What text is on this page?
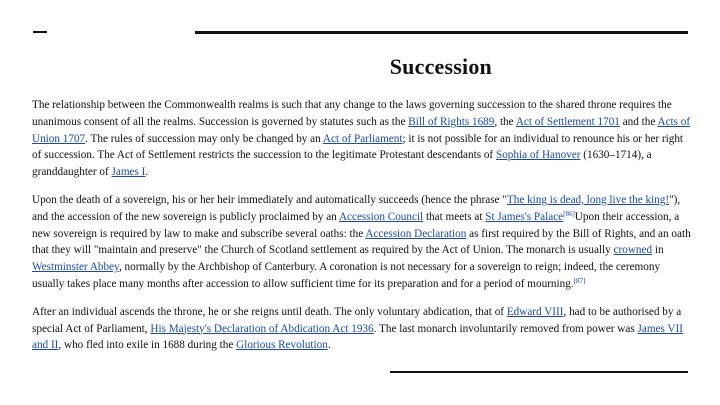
Succession

The relationship between the Commonwealth realms is such that any change to the laws governing succession to the shared throne requires the unanimous consent of all the realms. Succession is governed by statutes such as the Bill of Rights 1689, the Act of Settlement 1701 and the Acts of Union 1707. The rules of succession may only be changed by an Act of Parliament; it is not possible for an individual to renounce his or her right of succession. The Act of Settlement restricts the succession to the legitimate Protestant descendants of Sophia of Hanover (1630–1714), a granddaughter of James I.

Upon the death of a sovereign, his or her heir immediately and automatically succeeds (hence the phrase "The king is dead, long live the king!"), and the accession of the new sovereign is publicly proclaimed by an Accession Council that meets at St James's Palace[86]Upon their accession, a new sovereign is required by law to make and subscribe several oaths: the Accession Declaration as first required by the Bill of Rights, and an oath that they will "maintain and preserve" the Church of Scotland settlement as required by the Act of Union. The monarch is usually crowned in Westminster Abbey, normally by the Archbishop of Canterbury. A coronation is not necessary for a sovereign to reign; indeed, the ceremony usually takes place many months after accession to allow sufficient time for its preparation and for a period of mourning.[87]

After an individual ascends the throne, he or she reigns until death. The only voluntary abdication, that of Edward VIII, had to be authorised by a special Act of Parliament, His Majesty's Declaration of Abdication Act 1936. The last monarch involuntarily removed from power was James VII and II, who fled into exile in 1688 during the Glorious Revolution.
